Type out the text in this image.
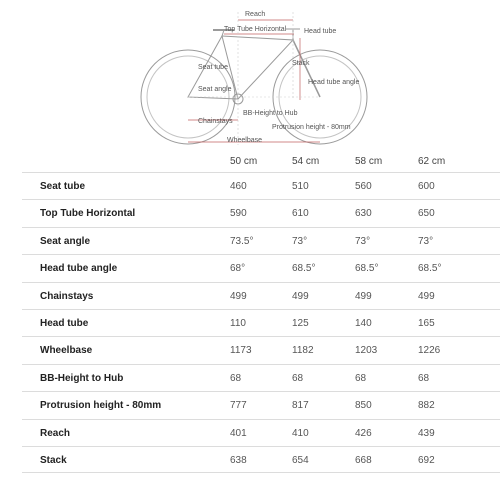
Reach
Top Tube Horizontal	Head tube
Seat tube
Stack
Head tube angle
Seat angle
BB-Height to Hub
Chainstays
Protrusion height - 80mm
Wheelbase
50 cm	54 cm	58 cm	62 cm
Seat tube	460	510	560	600
Top Tube Horizontal	590	610	630	650
Seat angle	73.5°	73°	73°	73°
Head tube angle	68°	68.5°	68.5°	68.5°
Chainstays	499	499	499	499
Head tube	110	125	140	165
Wheelbase	1173	1182	1203	1226
BB-Height to Hub	68	68	68	68
Protrusion height - 80mm	777	817	850	882
Reach	401	410	426	439
Stack	638	654	668	692
